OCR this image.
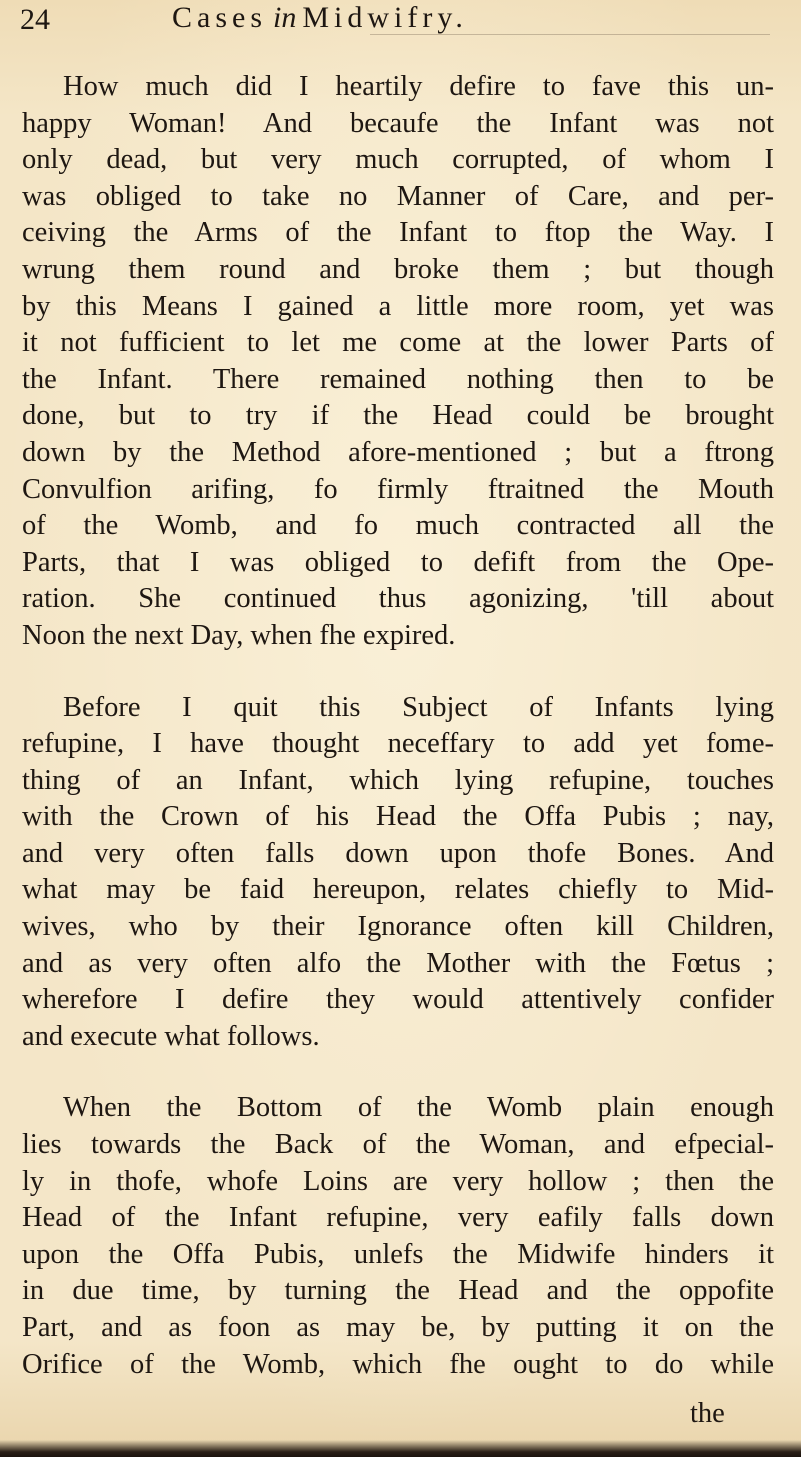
24	Cases in Midwifry.
How much did I heartily defire to fave this un-
happy Woman! And becaufe the Infant was not
only dead, but very much corrupted, of whom I
was obliged to take no Manner of Care, and per-
ceiving the Arms of the Infant to ftop the Way. I
wrung them round and broke them ; but though
by this Means I gained a little more room, yet was
it not fufficient to let me come at the lower Parts of
the Infant. There remained nothing then to be
done, but to try if the Head could be brought
down by the Method afore-mentioned ; but a ftrong
Convulfion arifing, fo firmly ftraitned the Mouth
of the Womb, and fo much contracted all the
Parts, that I was obliged to defift from the Ope-
ration. She continued thus agonizing, 'till about
Noon the next Day, when fhe expired.
Before I quit this Subject of Infants lying
refupine, I have thought neceffary to add yet fome-
thing of an Infant, which lying refupine, touches
with the Crown of his Head the Offa Pubis ; nay,
and very often falls down upon thofe Bones. And
what may be faid hereupon, relates chiefly to Mid-
wives, who by their Ignorance often kill Children,
and as very often alfo the Mother with the Fœtus ;
wherefore I defire they would attentively confider
and execute what follows.
When the Bottom of the Womb plain enough
lies towards the Back of the Woman, and efpecial-
ly in thofe, whofe Loins are very hollow ; then the
Head of the Infant refupine, very eafily falls down
upon the Offa Pubis, unlefs the Midwife hinders it
in due time, by turning the Head and the oppofite
Part, and as foon as may be, by putting it on the
Orifice of the Womb, which fhe ought to do while
the
